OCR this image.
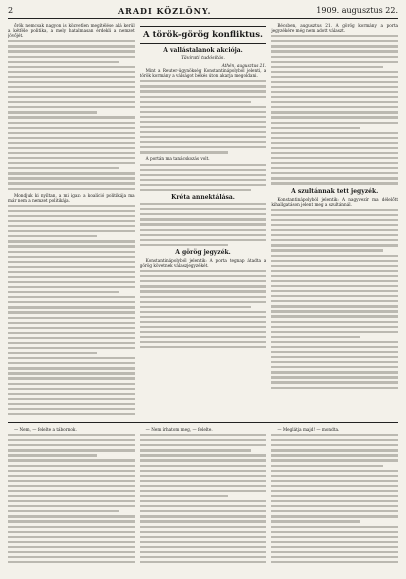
2	ARADI KÖZLÖNY.	1909. augusztus 22.

őrök nemcsak nagyon is közvetlen megítélése alá kerül a kétféle politika, a mely hatalmasan érdekli a nemzet jövőjét.

Mondjuk ki nyíltan, a mi igaz: a koalíció politikája ma már nem a nemzet politikája.

A török-görög konfliktus.
A vallástalanok akciója.
Távirati tudósítás.
Athén, augusztus 21.

Mint a Reuter-ügynökség Konstantinápolyból jelenti, a török kormány a válságot békés úton akarja megoldani.

A portán ma tanácskozás volt.

Kréta annektálása.
A görög jegyzék.

Konstantinápolyból jelentik: A porta tegnap átadta a görög követnek válaszjegyzékét.

Bécsben, augusztus 21. A görög kormány a porta jegyzékére még nem adott választ.

A szultánnak tett jegyzék.

Konstantinápolyból jelentik: A nagyvezír ma délelőtt kihallgatáson jelent meg a szultánnál.

— Nem, — felelte a tábornok.	— Nem írhatom meg, — felelte.	— Meglátja majd! — mondta.
